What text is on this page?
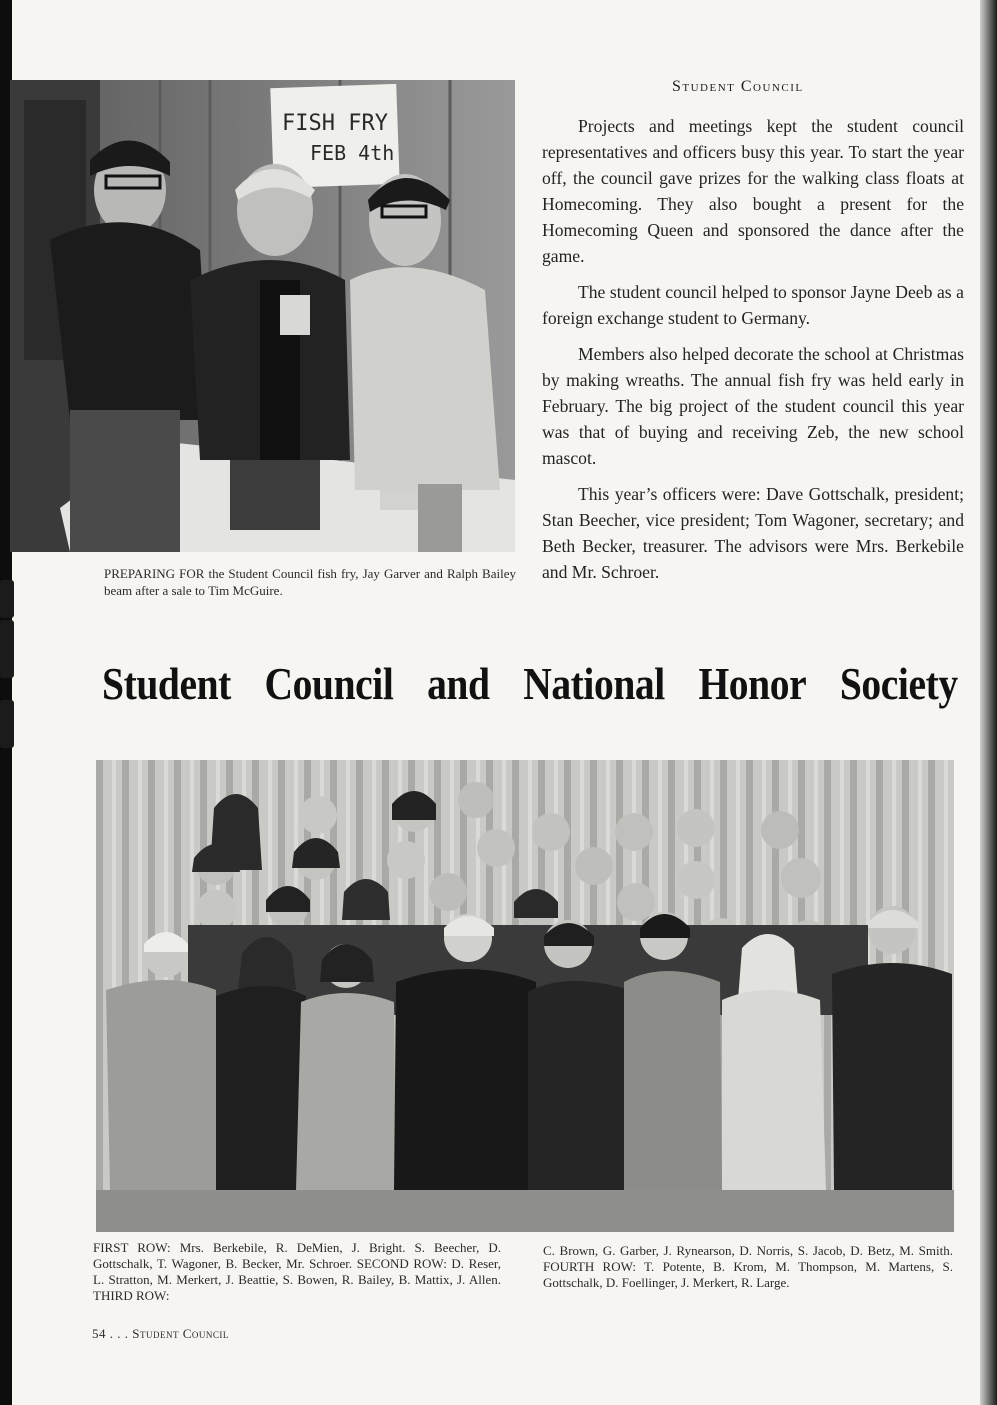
FISH FRY
FEB 4th
Student Council

Projects and meetings kept the student council representatives and officers busy this year. To start the year off, the council gave prizes for the walking class floats at Homecoming. They also bought a present for the Homecoming Queen and sponsored the dance after the game.

The student council helped to sponsor Jayne Deeb as a foreign exchange student to Germany.

Members also helped decorate the school at Christmas by making wreaths. The annual fish fry was held early in February. The big project of the student council this year was that of buying and receiving Zeb, the new school mascot.

This year’s officers were: Dave Gottschalk, president; Stan Beecher, vice president; Tom Wagoner, secretary; and Beth Becker, treasurer. The advisors were Mrs. Berkebile and Mr. Schroer.

PREPARING FOR the Student Council fish fry, Jay Garver and Ralph Bailey beam after a sale to Tim McGuire.
Student Council and National Honor Society
FIRST ROW: Mrs. Berkebile, R. DeMien, J. Bright. S. Beecher, D. Gottschalk, T. Wagoner, B. Becker, Mr. Schroer. SECOND ROW: D. Reser, L. Stratton, M. Merkert, J. Beattie, S. Bowen, R. Bailey, B. Mattix, J. Allen. THIRD ROW:
C. Brown, G. Garber, J. Rynearson, D. Norris, S. Jacob, D. Betz, M. Smith. FOURTH ROW: T. Potente, B. Krom, M. Thompson, M. Martens, S. Gottschalk, D. Foellinger, J. Merkert, R. Large.
54 . . . Student Council
